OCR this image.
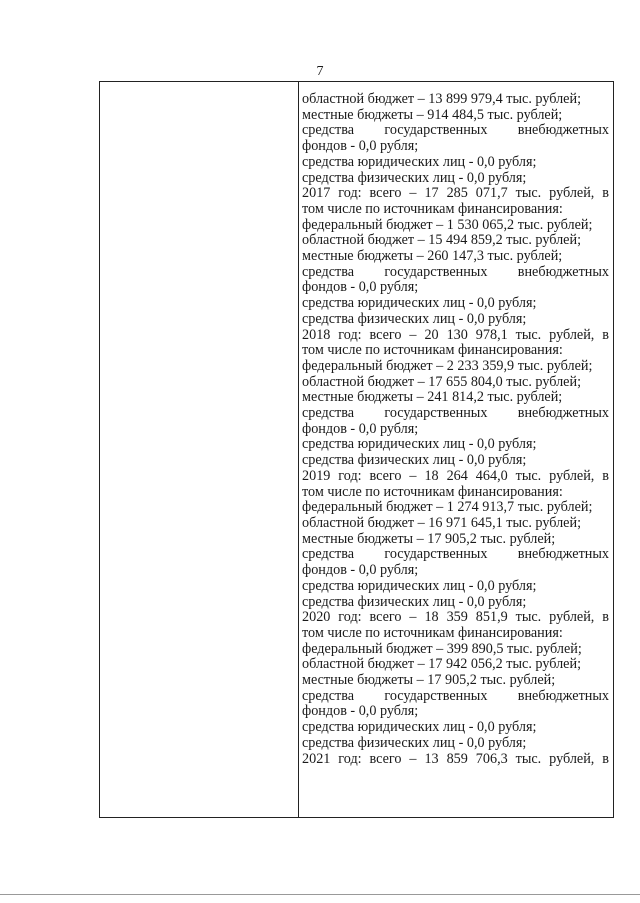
7
областной бюджет – 13 899 979,4 тыс. рублей;
местные бюджеты – 914 484,5 тыс. рублей;
средства государственных внебюджетных
фондов - 0,0 рубля;
средства юридических лиц - 0,0 рубля;
средства физических лиц - 0,0 рубля;
2017 год: всего – 17 285 071,7 тыс. рублей, в
том числе по источникам финансирования:
федеральный бюджет – 1 530 065,2 тыс. рублей;
областной бюджет – 15 494 859,2 тыс. рублей;
местные бюджеты – 260 147,3 тыс. рублей;
средства государственных внебюджетных
фондов - 0,0 рубля;
средства юридических лиц - 0,0 рубля;
средства физических лиц - 0,0 рубля;
2018 год: всего – 20 130 978,1 тыс. рублей, в
том числе по источникам финансирования:
федеральный бюджет – 2 233 359,9 тыс. рублей;
областной бюджет – 17 655 804,0 тыс. рублей;
местные бюджеты – 241 814,2 тыс. рублей;
средства государственных внебюджетных
фондов - 0,0 рубля;
средства юридических лиц - 0,0 рубля;
средства физических лиц - 0,0 рубля;
2019 год: всего – 18 264 464,0 тыс. рублей, в
том числе по источникам финансирования:
федеральный бюджет – 1 274 913,7 тыс. рублей;
областной бюджет – 16 971 645,1 тыс. рублей;
местные бюджеты – 17 905,2 тыс. рублей;
средства государственных внебюджетных
фондов - 0,0 рубля;
средства юридических лиц - 0,0 рубля;
средства физических лиц - 0,0 рубля;
2020 год: всего – 18 359 851,9 тыс. рублей, в
том числе по источникам финансирования:
федеральный бюджет – 399 890,5 тыс. рублей;
областной бюджет – 17 942 056,2 тыс. рублей;
местные бюджеты – 17 905,2 тыс. рублей;
средства государственных внебюджетных
фондов - 0,0 рубля;
средства юридических лиц - 0,0 рубля;
средства физических лиц - 0,0 рубля;
2021 год: всего – 13 859 706,3 тыс. рублей, в
